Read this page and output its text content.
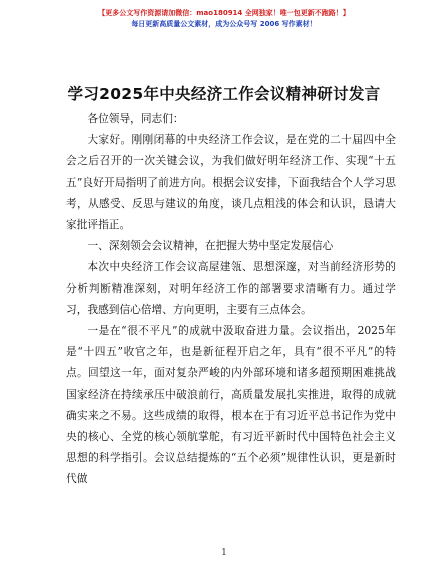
【更多公文写作资源请加微信：mao180914 全网独家！唯一包更新不跑路！】
每日更新高质量公文素材，成为公众号写 2006 写作素材！
学习2025年中央经济工作会议精神研讨发言

各位领导，同志们：

大家好。刚刚闭幕的中央经济工作会议，是在党的二十届四中全会之后召开的一次关键会议，为我们做好明年经济工作、实现“十五五”良好开局指明了前进方向。根据会议安排，下面我结合个人学习思考，从感受、反思与建议的角度，谈几点粗浅的体会和认识，恳请大家批评指正。

一、深刻领会会议精神，在把握大势中坚定发展信心

本次中央经济工作会议高屋建瓴、思想深邃，对当前经济形势的分析判断精准深刻，对明年经济工作的部署要求清晰有力。通过学习，我感到信心倍增、方向更明，主要有三点体会。

一是在“很不平凡”的成就中汲取奋进力量。会议指出，2025年是“十四五”收官之年，也是新征程开启之年，具有“很不平凡”的特点。回望这一年，面对复杂严峻的内外部环境和诸多超预期困难挑战国家经济在持续承压中破浪前行，高质量发展扎实推进，取得的成就确实来之不易。这些成绩的取得，根本在于有习近平总书记作为党中央的核心、全党的核心领航掌舵，有习近平新时代中国特色社会主义思想的科学指引。会议总结提炼的“五个必须”规律性认识，更是新时代做

1
